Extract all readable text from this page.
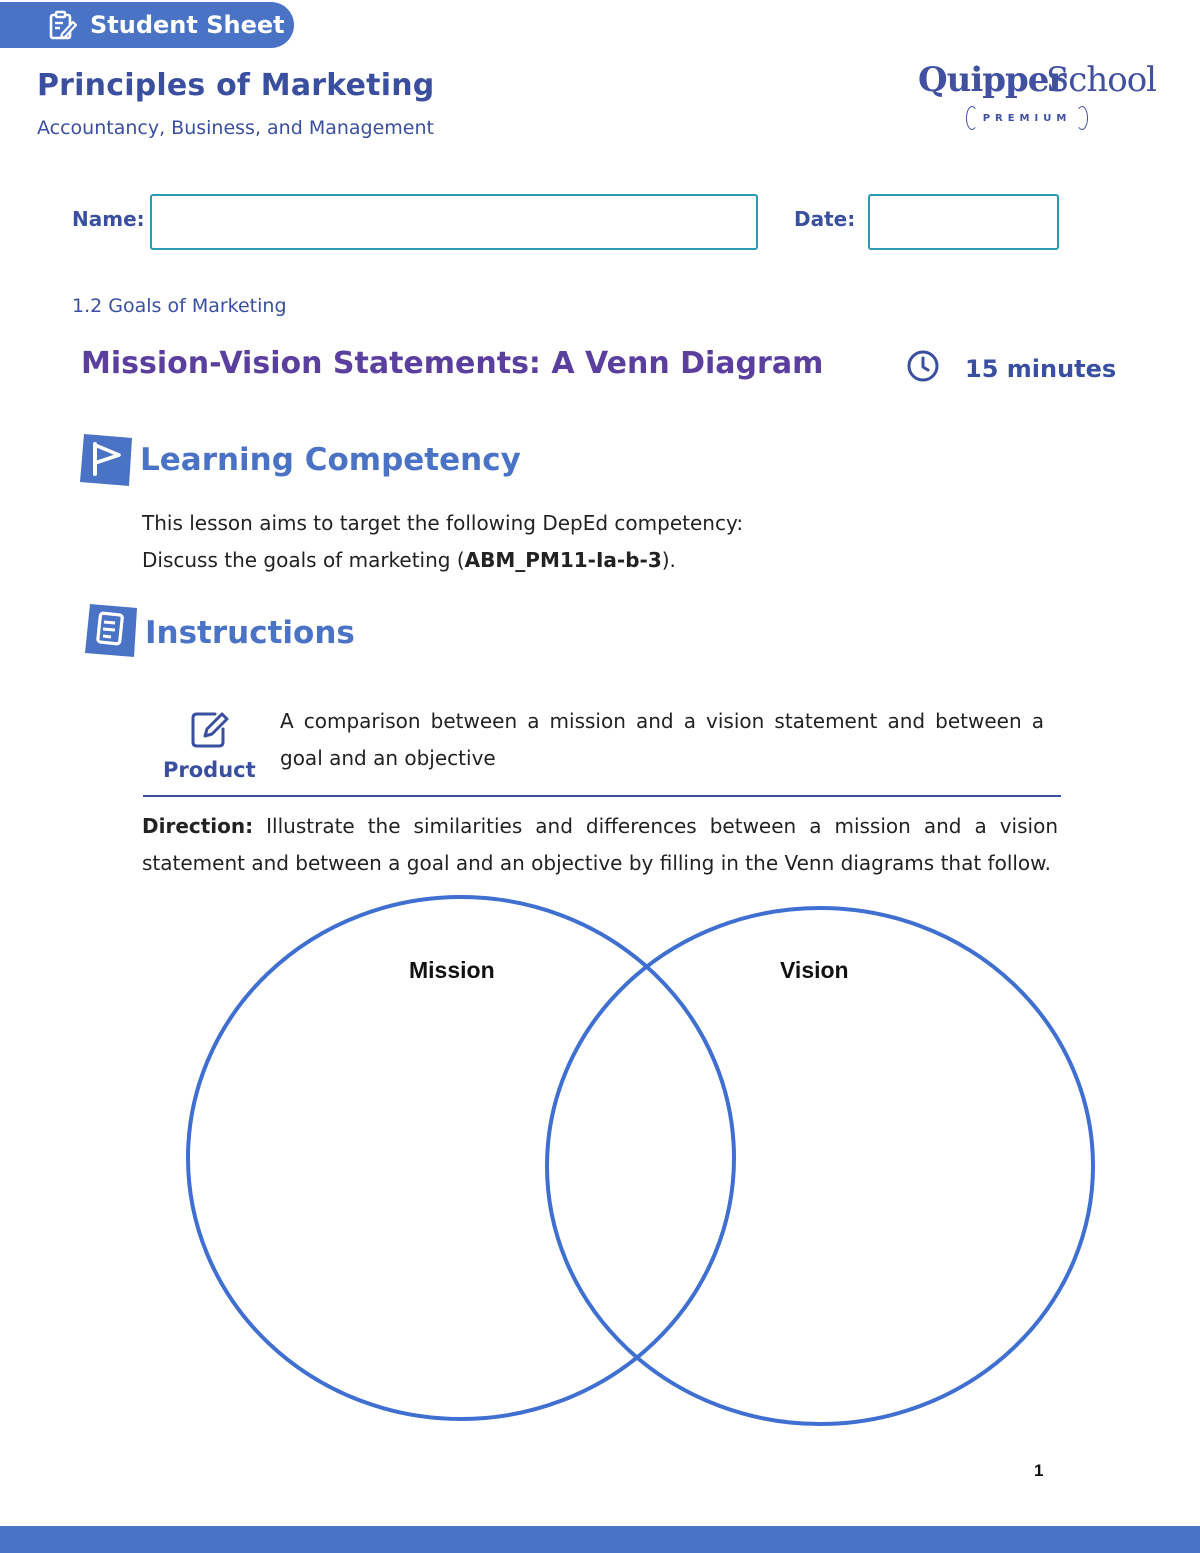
Student Sheet
Principles of Marketing
Accountancy, Business, and Management
Quipper
School
PREMIUM
Name:	Date:
1.2 Goals of Marketing
Mission-Vision Statements: A Venn Diagram	15 minutes
Learning Competency
This lesson aims to target the following DepEd competency:
Discuss the goals of marketing (ABM_PM11-Ia-b-3).
Instructions
Product
A comparison between a mission and a vision statement and between a goal and an objective
Direction: Illustrate the similarities and differences between a mission and a vision statement and between a goal and an objective by filling in the Venn diagrams that follow.
Mission	Vision
1
